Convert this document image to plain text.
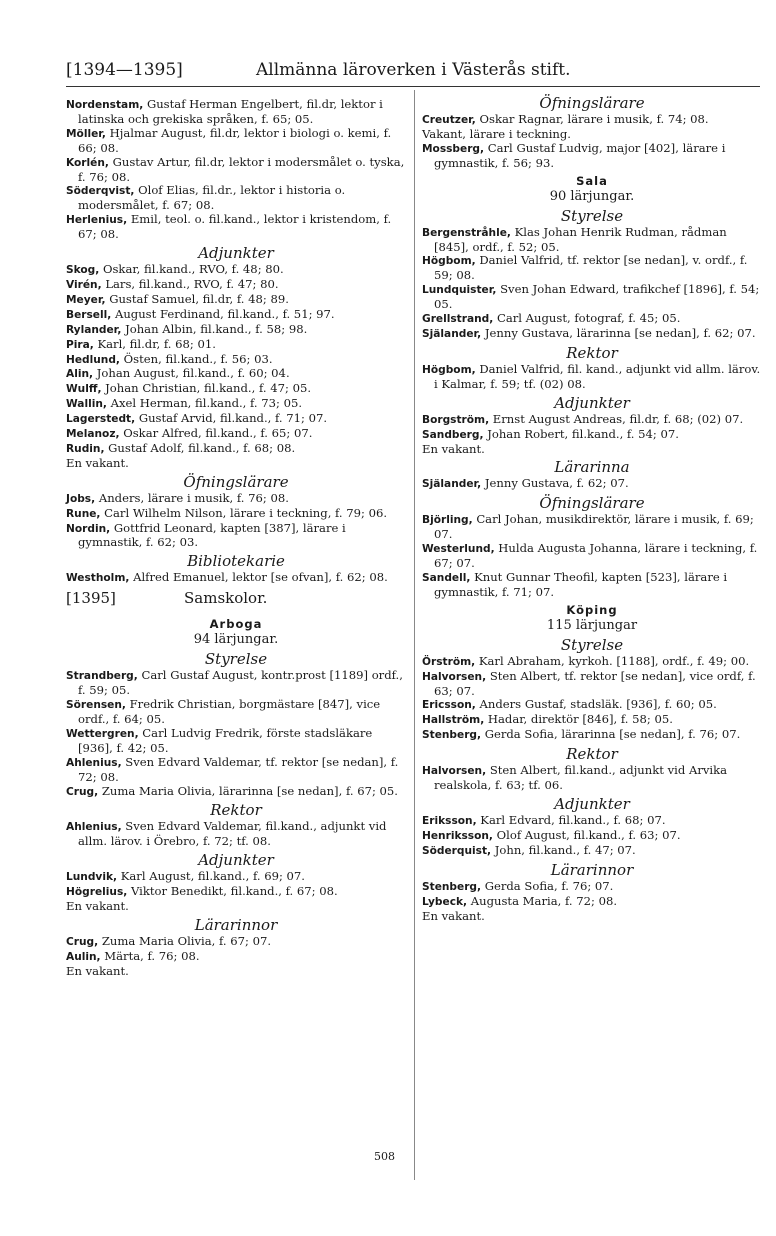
[1394—1395]	Allmänna läroverken i Västerås stift.

Nordenstam, Gustaf Herman Engelbert, fil.dr, lektor i latinska och grekiska språken, f. 65; 05.

Möller, Hjalmar August, fil.dr, lektor i biologi o. kemi, f. 66; 08.

Korlén, Gustav Artur, fil.dr, lektor i modersmålet o. tyska, f. 76; 08.

Söderqvist, Olof Elias, fil.dr., lektor i historia o. modersmålet, f. 67; 08.

Herlenius, Emil, teol. o. fil.kand., lektor i kristendom, f. 67; 08.

Adjunkter

Skog, Oskar, fil.kand., RVO, f. 48; 80.

Virén, Lars, fil.kand., RVO, f. 47; 80.

Meyer, Gustaf Samuel, fil.dr, f. 48; 89.

Bersell, August Ferdinand, fil.kand., f. 51; 97.

Rylander, Johan Albin, fil.kand., f. 58; 98.

Pira, Karl, fil.dr, f. 68; 01.

Hedlund, Östen, fil.kand., f. 56; 03.

Alin, Johan August, fil.kand., f. 60; 04.

Wulff, Johan Christian, fil.kand., f. 47; 05.

Wallin, Axel Herman, fil.kand., f. 73; 05.

Lagerstedt, Gustaf Arvid, fil.kand., f. 71; 07.

Melanoz, Oskar Alfred, fil.kand., f. 65; 07.

Rudin, Gustaf Adolf, fil.kand., f. 68; 08.

En vakant.

Öfningslärare

Jobs, Anders, lärare i musik, f. 76; 08.

Rune, Carl Wilhelm Nilson, lärare i teckning, f. 79; 06.

Nordin, Gottfrid Leonard, kapten [387], lärare i gymnastik, f. 62; 03.

Bibliotekarie

Westholm, Alfred Emanuel, lektor [se ofvan], f. 62; 08.

[1395]	Samskolor.
Arboga
94 lärjungar.
Styrelse

Strandberg, Carl Gustaf August, kontr.prost [1189] ordf., f. 59; 05.

Sörensen, Fredrik Christian, borgmästare [847], vice ordf., f. 64; 05.

Wettergren, Carl Ludvig Fredrik, förste stadsläkare [936], f. 42; 05.

Ahlenius, Sven Edvard Valdemar, tf. rektor [se nedan], f. 72; 08.

Crug, Zuma Maria Olivia, lärarinna [se nedan], f. 67; 05.

Rektor

Ahlenius, Sven Edvard Valdemar, fil.kand., adjunkt vid allm. lärov. i Örebro, f. 72; tf. 08.

Adjunkter

Lundvik, Karl August, fil.kand., f. 69; 07.

Högrelius, Viktor Benedikt, fil.kand., f. 67; 08.

En vakant.

Lärarinnor

Crug, Zuma Maria Olivia, f. 67; 07.

Aulin, Märta, f. 76; 08.

En vakant.

Öfningslärare

Creutzer, Oskar Ragnar, lärare i musik, f. 74; 08.

Vakant, lärare i teckning.

Mossberg, Carl Gustaf Ludvig, major [402], lärare i gymnastik, f. 56; 93.

Sala
90 lärjungar.
Styrelse

Bergenstråhle, Klas Johan Henrik Rudman, rådman [845], ordf., f. 52; 05.

Högbom, Daniel Valfrid, tf. rektor [se nedan], v. ordf., f. 59; 08.

Lundquister, Sven Johan Edward, trafikchef [1896], f. 54; 05.

Grellstrand, Carl August, fotograf, f. 45; 05.

Själander, Jenny Gustava, lärarinna [se nedan], f. 62; 07.

Rektor

Högbom, Daniel Valfrid, fil. kand., adjunkt vid allm. lärov. i Kalmar, f. 59; tf. (02) 08.

Adjunkter

Borgström, Ernst August Andreas, fil.dr, f. 68; (02) 07.

Sandberg, Johan Robert, fil.kand., f. 54; 07.

En vakant.

Lärarinna

Själander, Jenny Gustava, f. 62; 07.

Öfningslärare

Björling, Carl Johan, musikdirektör, lärare i musik, f. 69; 07.

Westerlund, Hulda Augusta Johanna, lärare i teckning, f. 67; 07.

Sandell, Knut Gunnar Theofil, kapten [523], lärare i gymnastik, f. 71; 07.

Köping
115 lärjungar
Styrelse

Örström, Karl Abraham, kyrkoh. [1188], ordf., f. 49; 00.

Halvorsen, Sten Albert, tf. rektor [se nedan], vice ordf, f. 63; 07.

Ericsson, Anders Gustaf, stadsläk. [936], f. 60; 05.

Hallström, Hadar, direktör [846], f. 58; 05.

Stenberg, Gerda Sofia, lärarinna [se nedan], f. 76; 07.

Rektor

Halvorsen, Sten Albert, fil.kand., adjunkt vid Arvika realskola, f. 63; tf. 06.

Adjunkter

Eriksson, Karl Edvard, fil.kand., f. 68; 07.

Henriksson, Olof August, fil.kand., f. 63; 07.

Söderquist, John, fil.kand., f. 47; 07.

Lärarinnor

Stenberg, Gerda Sofia, f. 76; 07.

Lybeck, Augusta Maria, f. 72; 08.

En vakant.

508
